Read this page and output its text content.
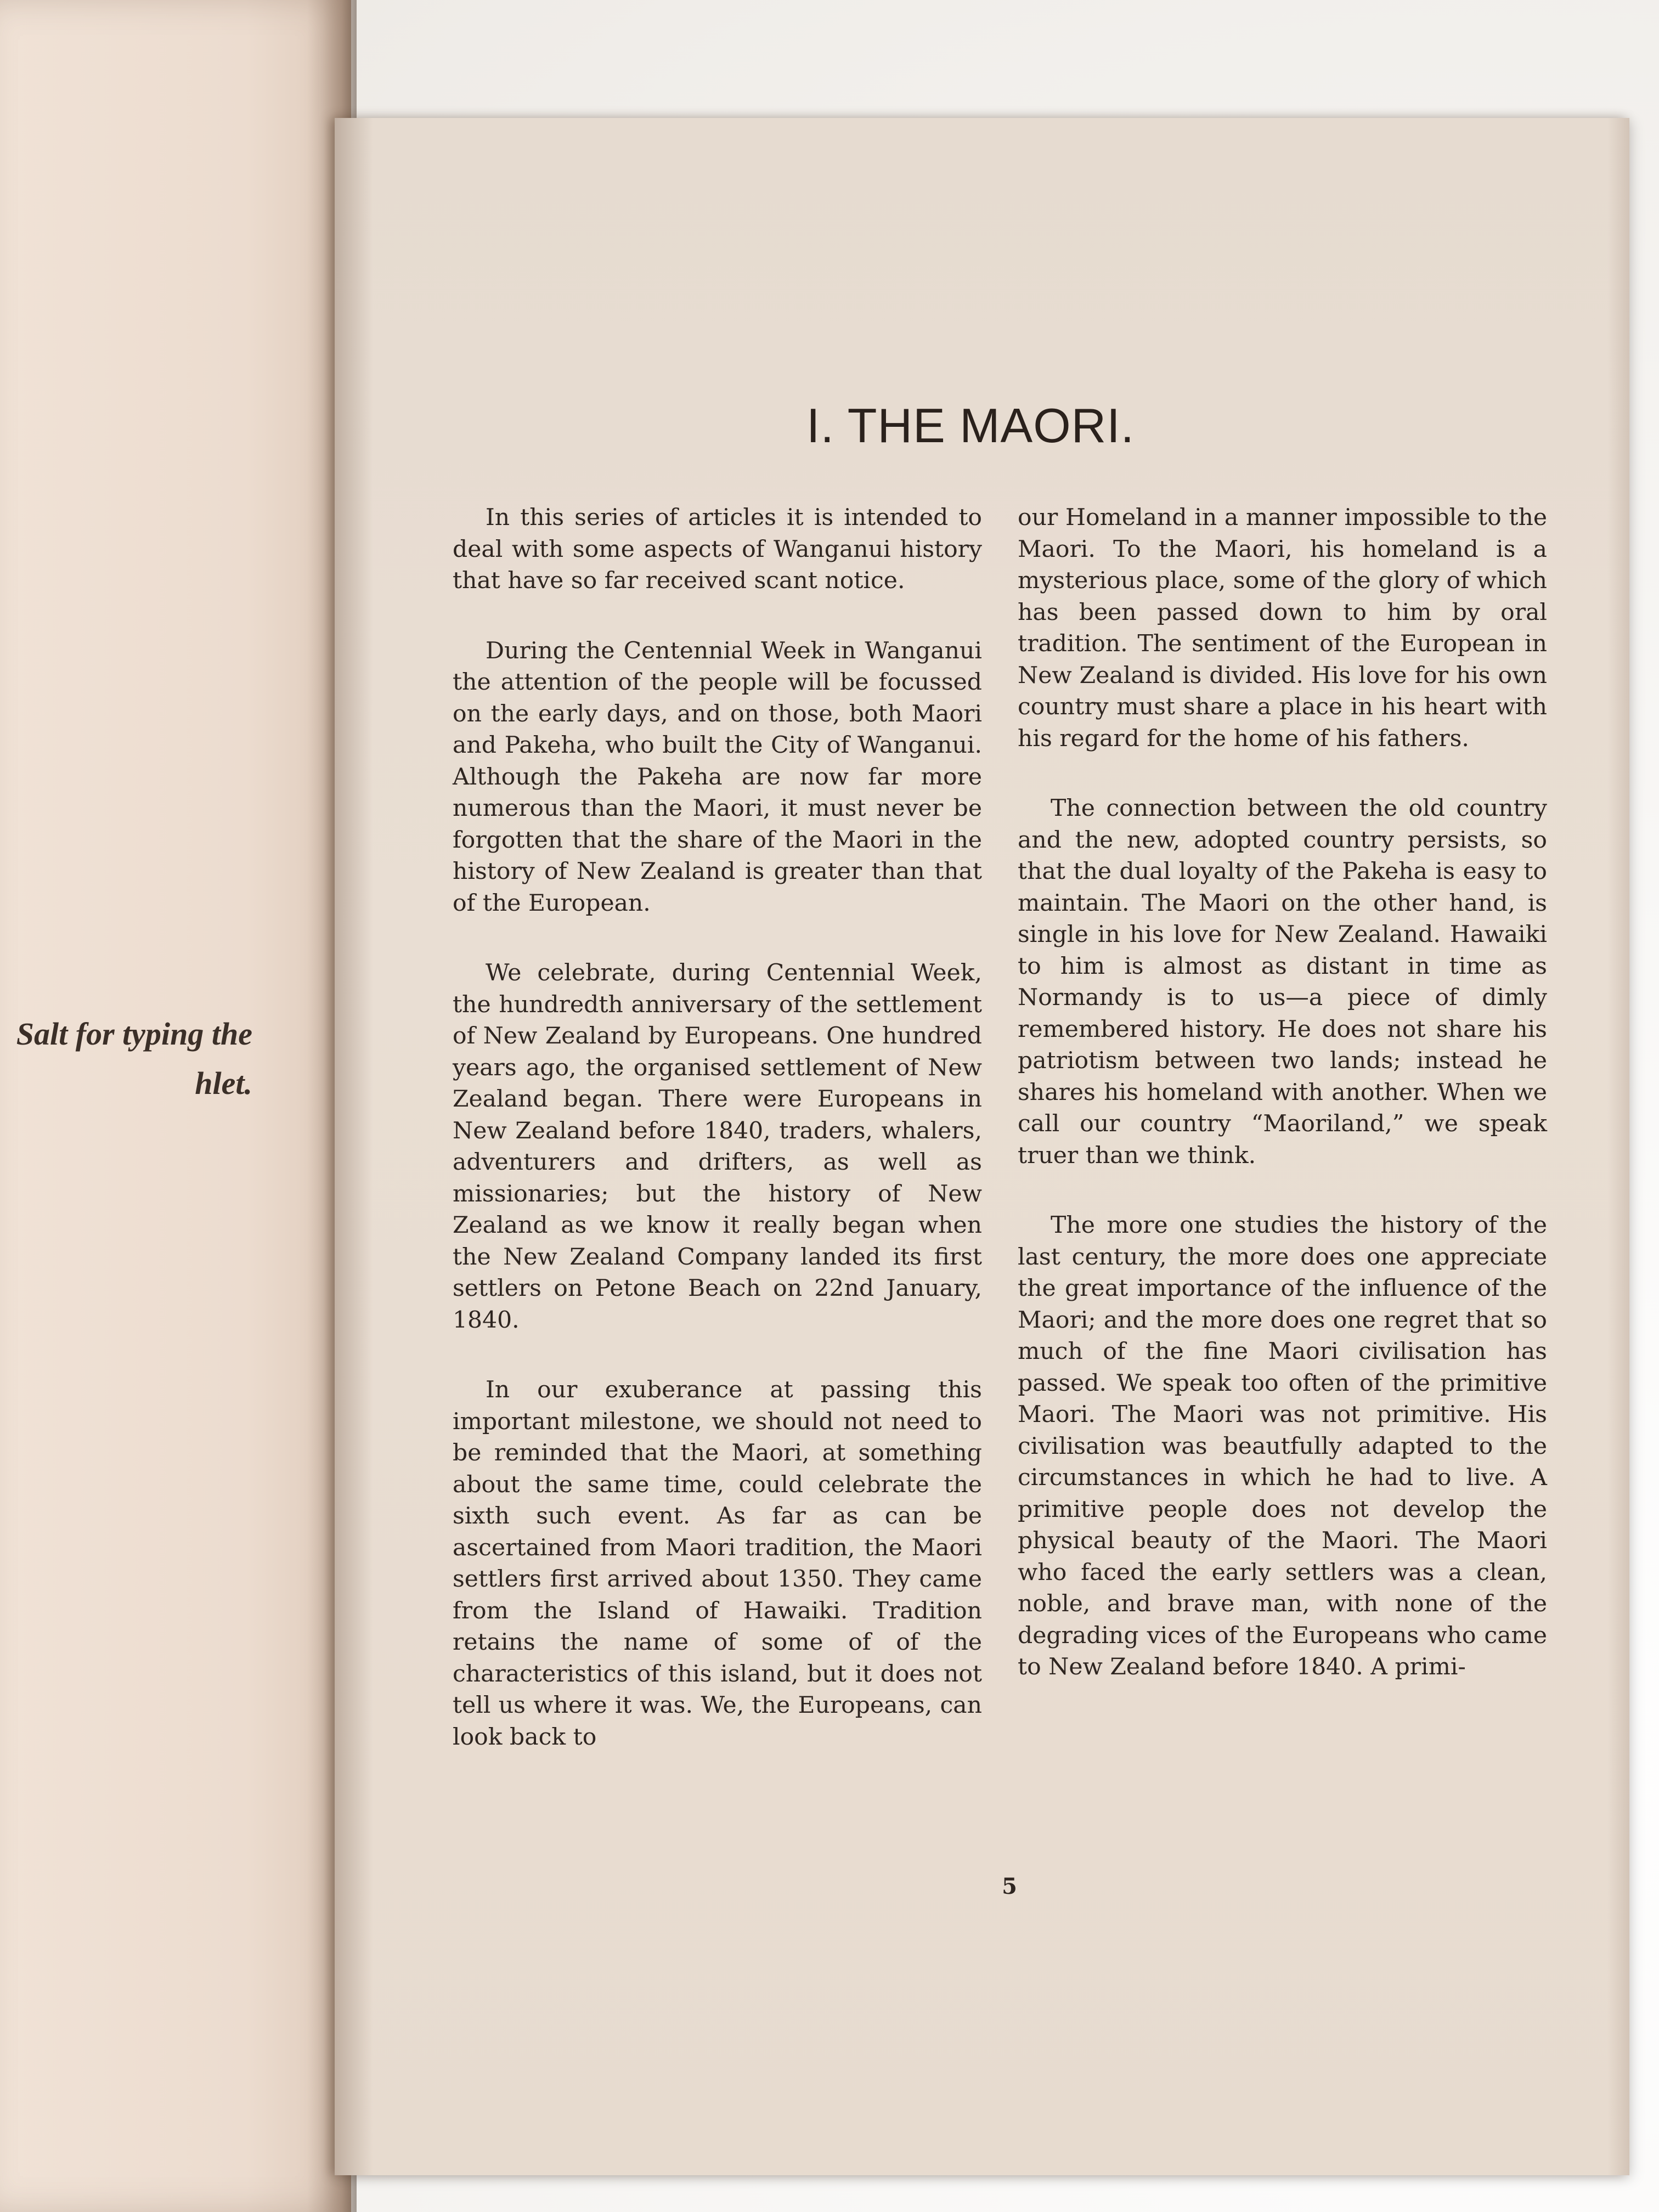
Salt for typing the
hlet.
I. THE MAORI.

In this series of articles it is intended to deal with some aspects of Wanganui history that have so far received scant notice.

During the Centennial Week in Wanganui the attention of the people will be focussed on the early days, and on those, both Maori and Pakeha, who built the City of Wanganui. Although the Pakeha are now far more numerous than the Maori, it must never be forgotten that the share of the Maori in the history of New Zealand is greater than that of the European.

We celebrate, during Centennial Week, the hundredth anniversary of the settlement of New Zealand by Europeans. One hundred years ago, the organised settlement of New Zealand began. There were Europeans in New Zealand before 1840, traders, whalers, adventurers and drifters, as well as missionaries; but the history of New Zealand as we know it really began when the New Zealand Company landed its first settlers on Petone Beach on 22nd January, 1840.

In our exuberance at passing this important milestone, we should not need to be reminded that the Maori, at something about the same time, could celebrate the sixth such event. As far as can be ascertained from Maori tradition, the Maori settlers first arrived about 1350. They came from the Island of Hawaiki. Tradition retains the name of some of of the characteristics of this island, but it does not tell us where it was. We, the Europeans, can look back to

our Homeland in a manner impossible to the Maori. To the Maori, his homeland is a mysterious place, some of the glory of which has been passed down to him by oral tradition. The sentiment of the European in New Zealand is divided. His love for his own country must share a place in his heart with his regard for the home of his fathers.

The connection between the old country and the new, adopted country persists, so that the dual loyalty of the Pakeha is easy to maintain. The Maori on the other hand, is single in his love for New Zealand. Hawaiki to him is almost as distant in time as Normandy is to us—a piece of dimly remembered history. He does not share his patriotism between two lands; instead he shares his homeland with another. When we call our country “Maoriland,” we speak truer than we think.

The more one studies the history of the last century, the more does one appreciate the great importance of the influence of the Maori; and the more does one regret that so much of the fine Maori civilisation has passed. We speak too often of the primitive Maori. The Maori was not primitive. His civilisation was beautfully adapted to the circumstances in which he had to live. A primitive people does not develop the physical beauty of the Maori. The Maori who faced the early settlers was a clean, noble, and brave man, with none of the degrading vices of the Europeans who came to New Zealand before 1840. A primi-

5
